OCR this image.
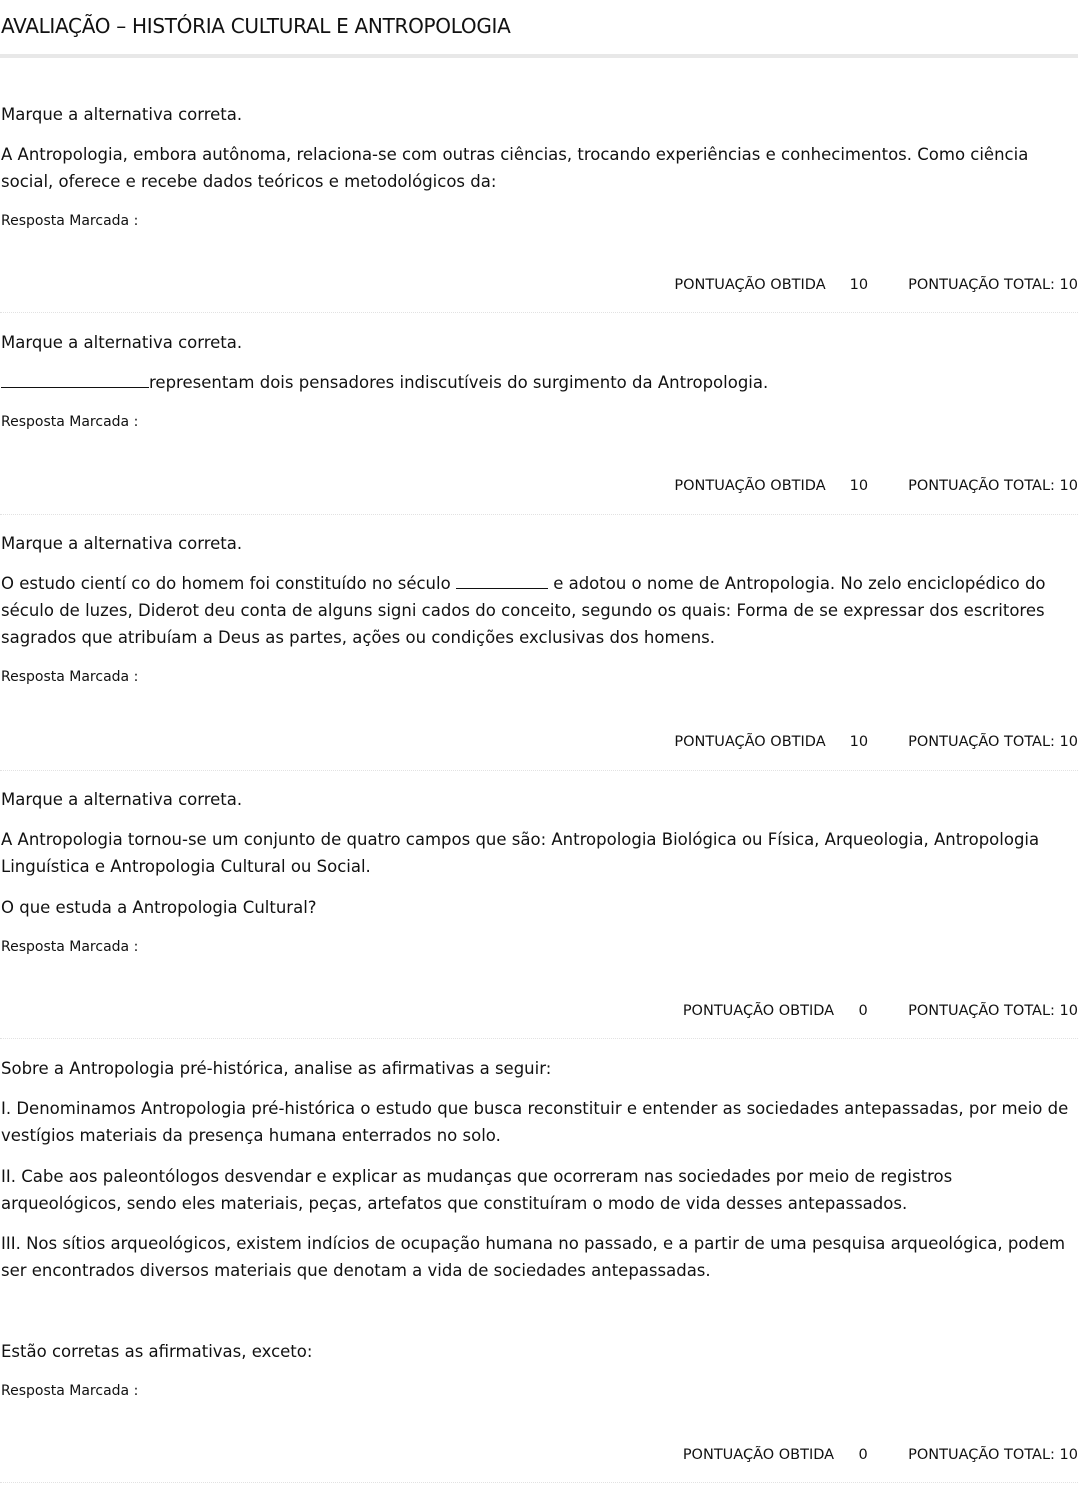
AVALIAÇÃO – HISTÓRIA CULTURAL E ANTROPOLOGIA

Marque a alternativa correta.

A Antropologia, embora autônoma, relaciona-se com outras ciências, trocando experiências e conhecimentos. Como ciência social, oferece e recebe dados teóricos e metodológicos da:

Resposta Marcada :

PONTUAÇÃO OBTIDA 10	PONTUAÇÃO TOTAL: 10

Marque a alternativa correta.

representam dois pensadores indiscutíveis do surgimento da Antropologia.

Resposta Marcada :

PONTUAÇÃO OBTIDA 10	PONTUAÇÃO TOTAL: 10

Marque a alternativa correta.

O estudo cientí co do homem foi constituído no século	e adotou o nome de Antropologia. No zelo enciclopédico do século de luzes, Diderot deu conta de alguns signi cados do conceito, segundo os quais: Forma de se expressar dos escritores sagrados que atribuíam a Deus as partes, ações ou condições exclusivas dos homens.

Resposta Marcada :

PONTUAÇÃO OBTIDA 10	PONTUAÇÃO TOTAL: 10

Marque a alternativa correta.

A Antropologia tornou-se um conjunto de quatro campos que são: Antropologia Biológica ou Física, Arqueologia, Antropologia Linguística e Antropologia Cultural ou Social.

O que estuda a Antropologia Cultural?

Resposta Marcada :

PONTUAÇÃO OBTIDA 0	PONTUAÇÃO TOTAL: 10

Sobre a Antropologia pré-histórica, analise as afirmativas a seguir:

I. Denominamos Antropologia pré-histórica o estudo que busca reconstituir e entender as sociedades antepassadas, por meio de vestígios materiais da presença humana enterrados no solo.

II. Cabe aos paleontólogos desvendar e explicar as mudanças que ocorreram nas sociedades por meio de registros arqueológicos, sendo eles materiais, peças, artefatos que constituíram o modo de vida desses antepassados.

III. Nos sítios arqueológicos, existem indícios de ocupação humana no passado, e a partir de uma pesquisa arqueológica, podem ser encontrados diversos materiais que denotam a vida de sociedades antepassadas.

Estão corretas as afirmativas, exceto:

Resposta Marcada :

PONTUAÇÃO OBTIDA 0	PONTUAÇÃO TOTAL: 10
